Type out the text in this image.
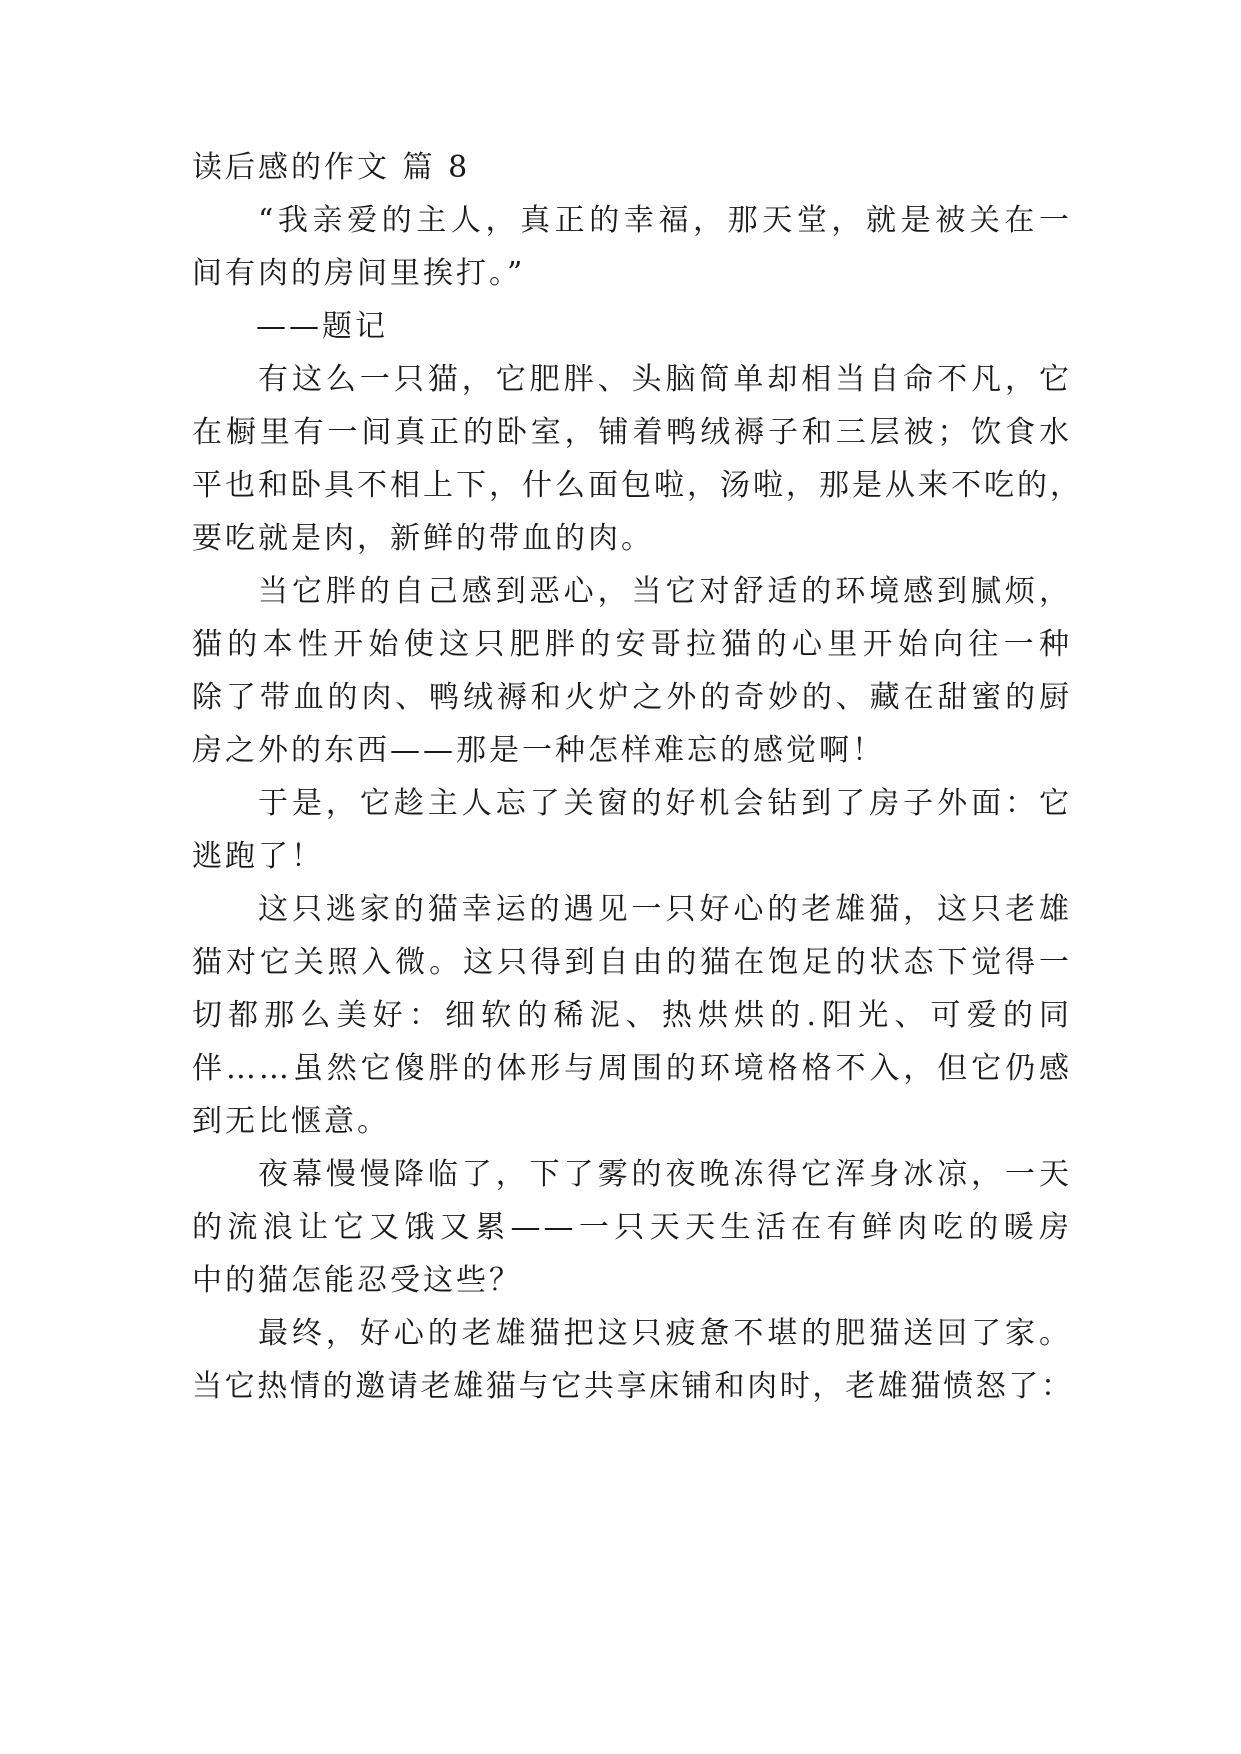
读后感的作文 篇 8
“我亲爱的主人，真正的幸福，那天堂，就是被关在一
间有肉的房间里挨打。”
——题记
有这么一只猫，它肥胖、头脑简单却相当自命不凡，它
在橱里有一间真正的卧室，铺着鸭绒褥子和三层被；饮食水
平也和卧具不相上下，什么面包啦，汤啦，那是从来不吃的，
要吃就是肉，新鲜的带血的肉。
当它胖的自己感到恶心，当它对舒适的环境感到腻烦，
猫的本性开始使这只肥胖的安哥拉猫的心里开始向往一种
除了带血的肉、鸭绒褥和火炉之外的奇妙的、藏在甜蜜的厨
房之外的东西——那是一种怎样难忘的感觉啊！
于是，它趁主人忘了关窗的好机会钻到了房子外面：它
逃跑了！
这只逃家的猫幸运的遇见一只好心的老雄猫，这只老雄
猫对它关照入微。这只得到自由的猫在饱足的状态下觉得一
切都那么美好：细软的稀泥、热烘烘的.阳光、可爱的同
伴……虽然它傻胖的体形与周围的环境格格不入，但它仍感
到无比惬意。
夜幕慢慢降临了，下了雾的夜晚冻得它浑身冰凉，一天
的流浪让它又饿又累——一只天天生活在有鲜肉吃的暖房
中的猫怎能忍受这些？
最终，好心的老雄猫把这只疲惫不堪的肥猫送回了家。
当它热情的邀请老雄猫与它共享床铺和肉时，老雄猫愤怒了：
